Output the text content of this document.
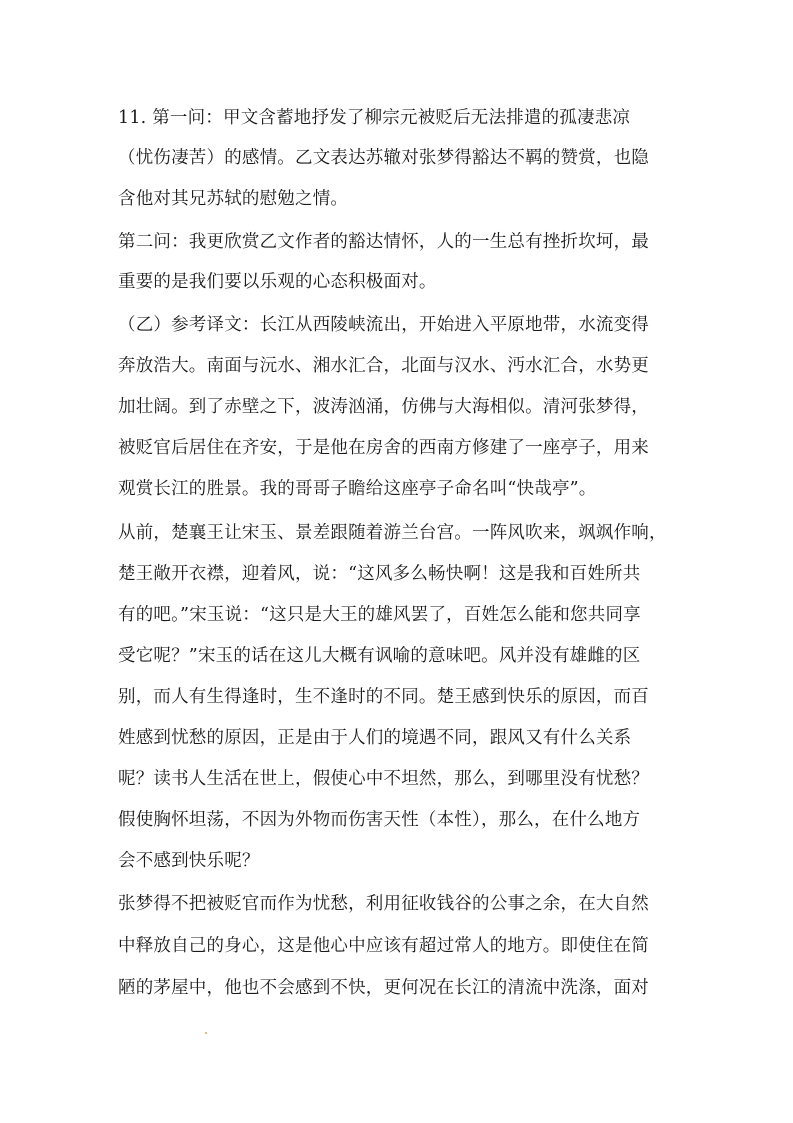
11. 第一问：甲文含蓄地抒发了柳宗元被贬后无法排遣的孤凄悲凉
（忧伤凄苦）的感情。乙文表达苏辙对张梦得豁达不羁的赞赏，也隐
含他对其兄苏轼的慰勉之情。
第二问：我更欣赏乙文作者的豁达情怀，人的一生总有挫折坎坷，最
重要的是我们要以乐观的心态积极面对。
（乙）参考译文：长江从西陵峡流出，开始进入平原地带，水流变得
奔放浩大。南面与沅水、湘水汇合，北面与汉水、沔水汇合，水势更
加壮阔。到了赤壁之下，波涛汹涌，仿佛与大海相似。清河张梦得，
被贬官后居住在齐安，于是他在房舍的西南方修建了一座亭子，用来
观赏长江的胜景。我的哥哥子瞻给这座亭子命名叫“快哉亭”。
从前，楚襄王让宋玉、景差跟随着游兰台宫。一阵风吹来，飒飒作响，
楚王敞开衣襟，迎着风，说：“这风多么畅快啊！这是我和百姓所共
有的吧。”宋玉说：“这只是大王的雄风罢了，百姓怎么能和您共同享
受它呢？”宋玉的话在这儿大概有讽喻的意味吧。风并没有雄雌的区
别，而人有生得逢时，生不逢时的不同。楚王感到快乐的原因，而百
姓感到忧愁的原因，正是由于人们的境遇不同，跟风又有什么关系
呢？读书人生活在世上，假使心中不坦然，那么，到哪里没有忧愁？
假使胸怀坦荡，不因为外物而伤害天性（本性），那么，在什么地方
会不感到快乐呢？
张梦得不把被贬官而作为忧愁，利用征收钱谷的公事之余，在大自然
中释放自己的身心，这是他心中应该有超过常人的地方。即使住在简
陋的茅屋中，他也不会感到不快，更何况在长江的清流中洗涤，面对
